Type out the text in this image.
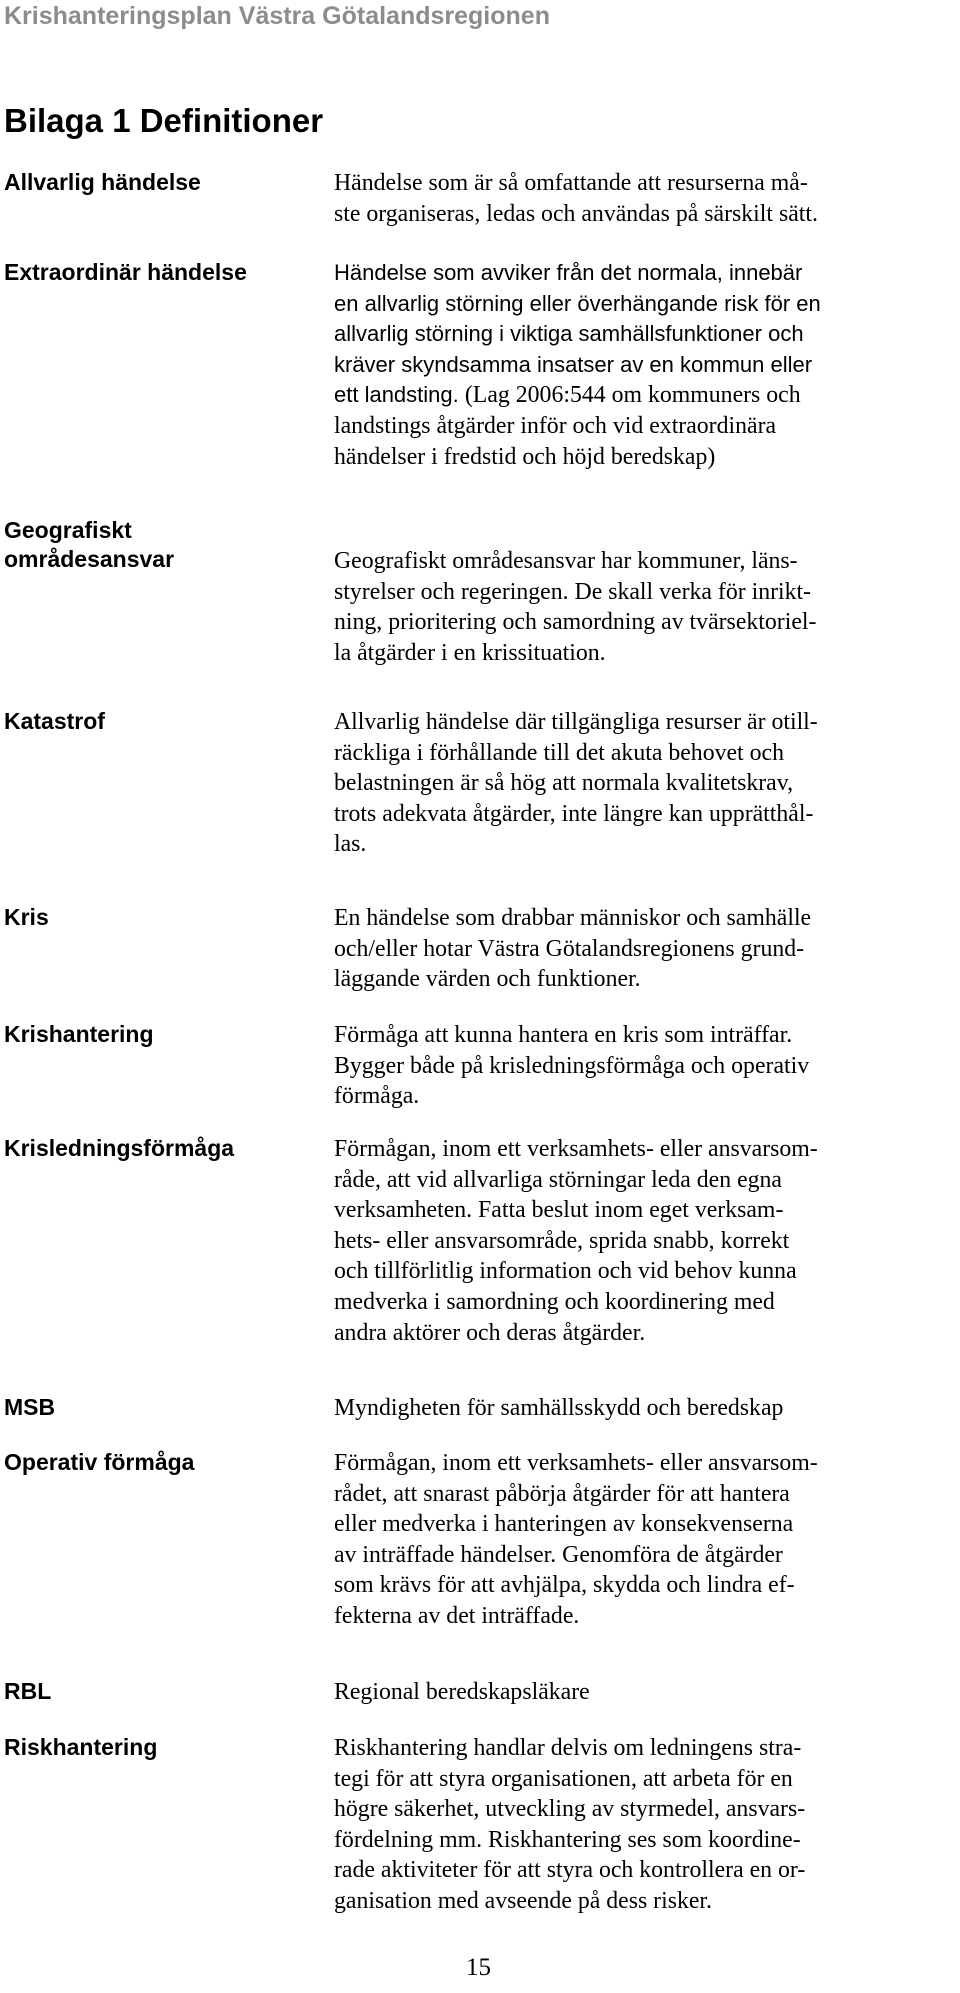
Krishanteringsplan Västra Götalandsregionen
Bilaga 1 Definitioner
Allvarlig händelse	Händelse som är så omfattande att resurserna må-
ste organiseras, ledas och användas på särskilt sätt.
Extraordinär händelse	Händelse som avviker från det normala, innebär
en allvarlig störning eller överhängande risk för en
allvarlig störning i viktiga samhällsfunktioner och
kräver skyndsamma insatser av en kommun eller
ett landsting. (Lag 2006:544 om kommuners och
landstings åtgärder inför och vid extraordinära
händelser i fredstid och höjd beredskap)
Geografiskt
områdesansvar	Geografiskt områdesansvar har kommuner, läns-
styrelser och regeringen. De skall verka för inrikt-
ning, prioritering och samordning av tvärsektoriel-
la åtgärder i en krissituation.
Katastrof	Allvarlig händelse där tillgängliga resurser är otill-
räckliga i förhållande till det akuta behovet och
belastningen är så hög att normala kvalitetskrav,
trots adekvata åtgärder, inte längre kan upprätthål-
las.
Kris	En händelse som drabbar människor och samhälle
och/eller hotar Västra Götalandsregionens grund-
läggande värden och funktioner.
Krishantering	Förmåga att kunna hantera en kris som inträffar.
Bygger både på krisledningsförmåga och operativ
förmåga.
Krisledningsförmåga	Förmågan, inom ett verksamhets- eller ansvarsom-
råde, att vid allvarliga störningar leda den egna
verksamheten. Fatta beslut inom eget verksam-
hets- eller ansvarsområde, sprida snabb, korrekt
och tillförlitlig information och vid behov kunna
medverka i samordning och koordinering med
andra aktörer och deras åtgärder.
MSB	Myndigheten för samhällsskydd och beredskap
Operativ förmåga	Förmågan, inom ett verksamhets- eller ansvarsom-
rådet, att snarast påbörja åtgärder för att hantera
eller medverka i hanteringen av konsekvenserna
av inträffade händelser. Genomföra de åtgärder
som krävs för att avhjälpa, skydda och lindra ef-
fekterna av det inträffade.
RBL	Regional beredskapsläkare
Riskhantering	Riskhantering handlar delvis om ledningens stra-
tegi för att styra organisationen, att arbeta för en
högre säkerhet, utveckling av styrmedel, ansvars-
fördelning mm. Riskhantering ses som koordine-
rade aktiviteter för att styra och kontrollera en or-
ganisation med avseende på dess risker.
15
